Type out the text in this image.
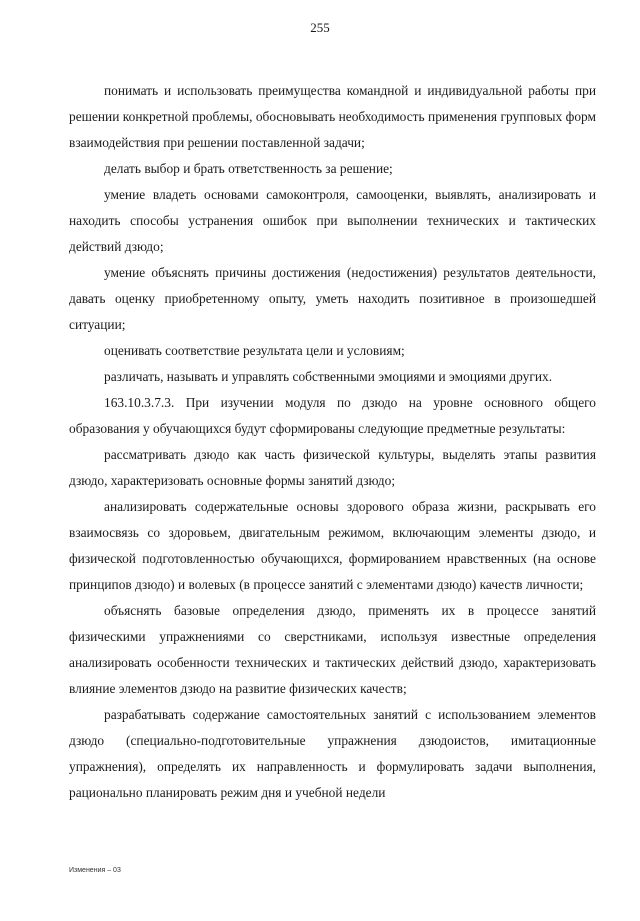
255

понимать и использовать преимущества командной и индивидуальной работы при решении конкретной проблемы, обосновывать необходимость применения групповых форм взаимодействия при решении поставленной задачи;

делать выбор и брать ответственность за решение;

умение владеть основами самоконтроля, самооценки, выявлять, анализировать и находить способы устранения ошибок при выполнении технических и тактических действий дзюдо;

умение объяснять причины достижения (недостижения) результатов деятельности, давать оценку приобретенному опыту, уметь находить позитивное в произошедшей ситуации;

оценивать соответствие результата цели и условиям;

различать, называть и управлять собственными эмоциями и эмоциями других.

163.10.3.7.3. При изучении модуля по дзюдо на уровне основного общего образования у обучающихся будут сформированы следующие предметные результаты:

рассматривать дзюдо как часть физической культуры, выделять этапы развития дзюдо, характеризовать основные формы занятий дзюдо;

анализировать содержательные основы здорового образа жизни, раскрывать его взаимосвязь со здоровьем, двигательным режимом, включающим элементы дзюдо, и физической подготовленностью обучающихся, формированием нравственных (на основе принципов дзюдо) и волевых (в процессе занятий с элементами дзюдо) качеств личности;

объяснять базовые определения дзюдо, применять их в процессе занятий физическими упражнениями со сверстниками, используя известные определения анализировать особенности технических и тактических действий дзюдо, характеризовать влияние элементов дзюдо на развитие физических качеств;

разрабатывать содержание самостоятельных занятий с использованием элементов дзюдо (специально-подготовительные упражнения дзюдоистов, имитационные упражнения), определять их направленность и формулировать задачи выполнения, рационально планировать режим дня и учебной недели

Изменения – 03
